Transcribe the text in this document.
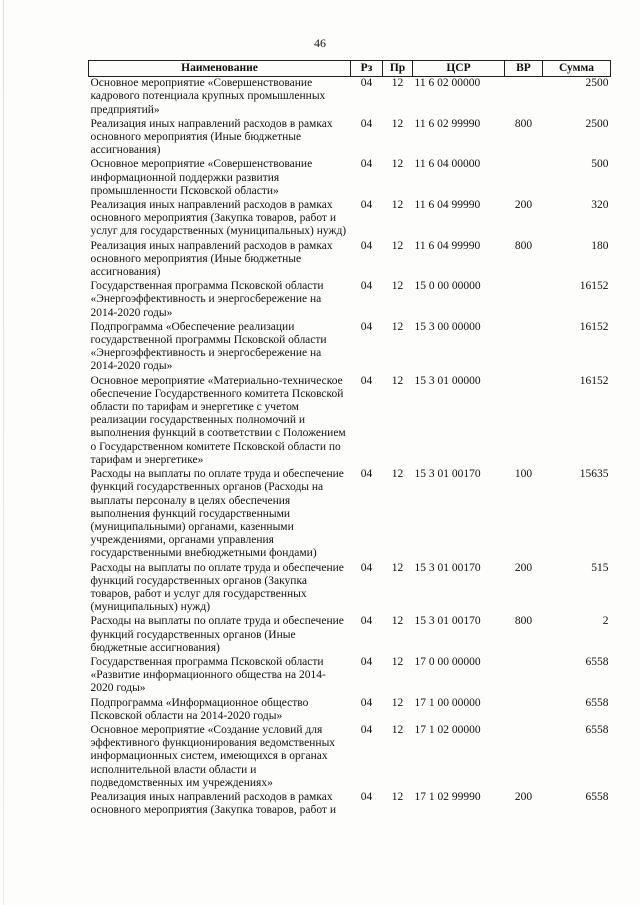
46
Наименование	Рз	Пр	ЦСР	ВР	Сумма
Основное мероприятие «Совершенствование кадрового потенциала крупных промышленных предприятий»	04	12	11 6 02 00000		2500
Реализация иных направлений расходов в рамках основного мероприятия (Иные бюджетные ассигнования)	04	12	11 6 02 99990	800	2500
Основное мероприятие «Совершенствование информационной поддержки развития промышленности Псковской области»	04	12	11 6 04 00000		500
Реализация иных направлений расходов в рамках основного мероприятия (Закупка товаров, работ и услуг для государственных (муниципальных) нужд)	04	12	11 6 04 99990	200	320
Реализация иных направлений расходов в рамках основного мероприятия (Иные бюджетные ассигнования)	04	12	11 6 04 99990	800	180
Государственная программа Псковской области «Энергоэффективность и энергосбережение на 2014-2020 годы»	04	12	15 0 00 00000		16152
Подпрограмма «Обеспечение реализации государственной программы Псковской области «Энергоэффективность и энергосбережение на 2014-2020 годы»	04	12	15 3 00 00000		16152
Основное мероприятие «Материально-техническое обеспечение Государственного комитета Псковской области по тарифам и энергетике с учетом реализации государственных полномочий и выполнения функций в соответствии с Положением о Государственном комитете Псковской области по тарифам и энергетике»	04	12	15 3 01 00000		16152
Расходы на выплаты по оплате труда и обеспечение функций государственных органов (Расходы на выплаты персоналу в целях обеспечения выполнения функций государственными (муниципальными) органами, казенными учреждениями, органами управления государственными внебюджетными фондами)	04	12	15 3 01 00170	100	15635
Расходы на выплаты по оплате труда и обеспечение функций государственных органов (Закупка товаров, работ и услуг для государственных (муниципальных) нужд)	04	12	15 3 01 00170	200	515
Расходы на выплаты по оплате труда и обеспечение функций государственных органов (Иные бюджетные ассигнования)	04	12	15 3 01 00170	800	2
Государственная программа Псковской области «Развитие информационного общества на 2014-2020 годы»	04	12	17 0 00 00000		6558
Подпрограмма «Информационное общество Псковской области на 2014-2020 годы»	04	12	17 1 00 00000		6558
Основное мероприятие «Создание условий для эффективного функционирования ведомственных информационных систем, имеющихся в органах исполнительной власти области и подведомственных им учреждениях»	04	12	17 1 02 00000		6558
Реализация иных направлений расходов в рамках основного мероприятия (Закупка товаров, работ и	04	12	17 1 02 99990	200	6558
